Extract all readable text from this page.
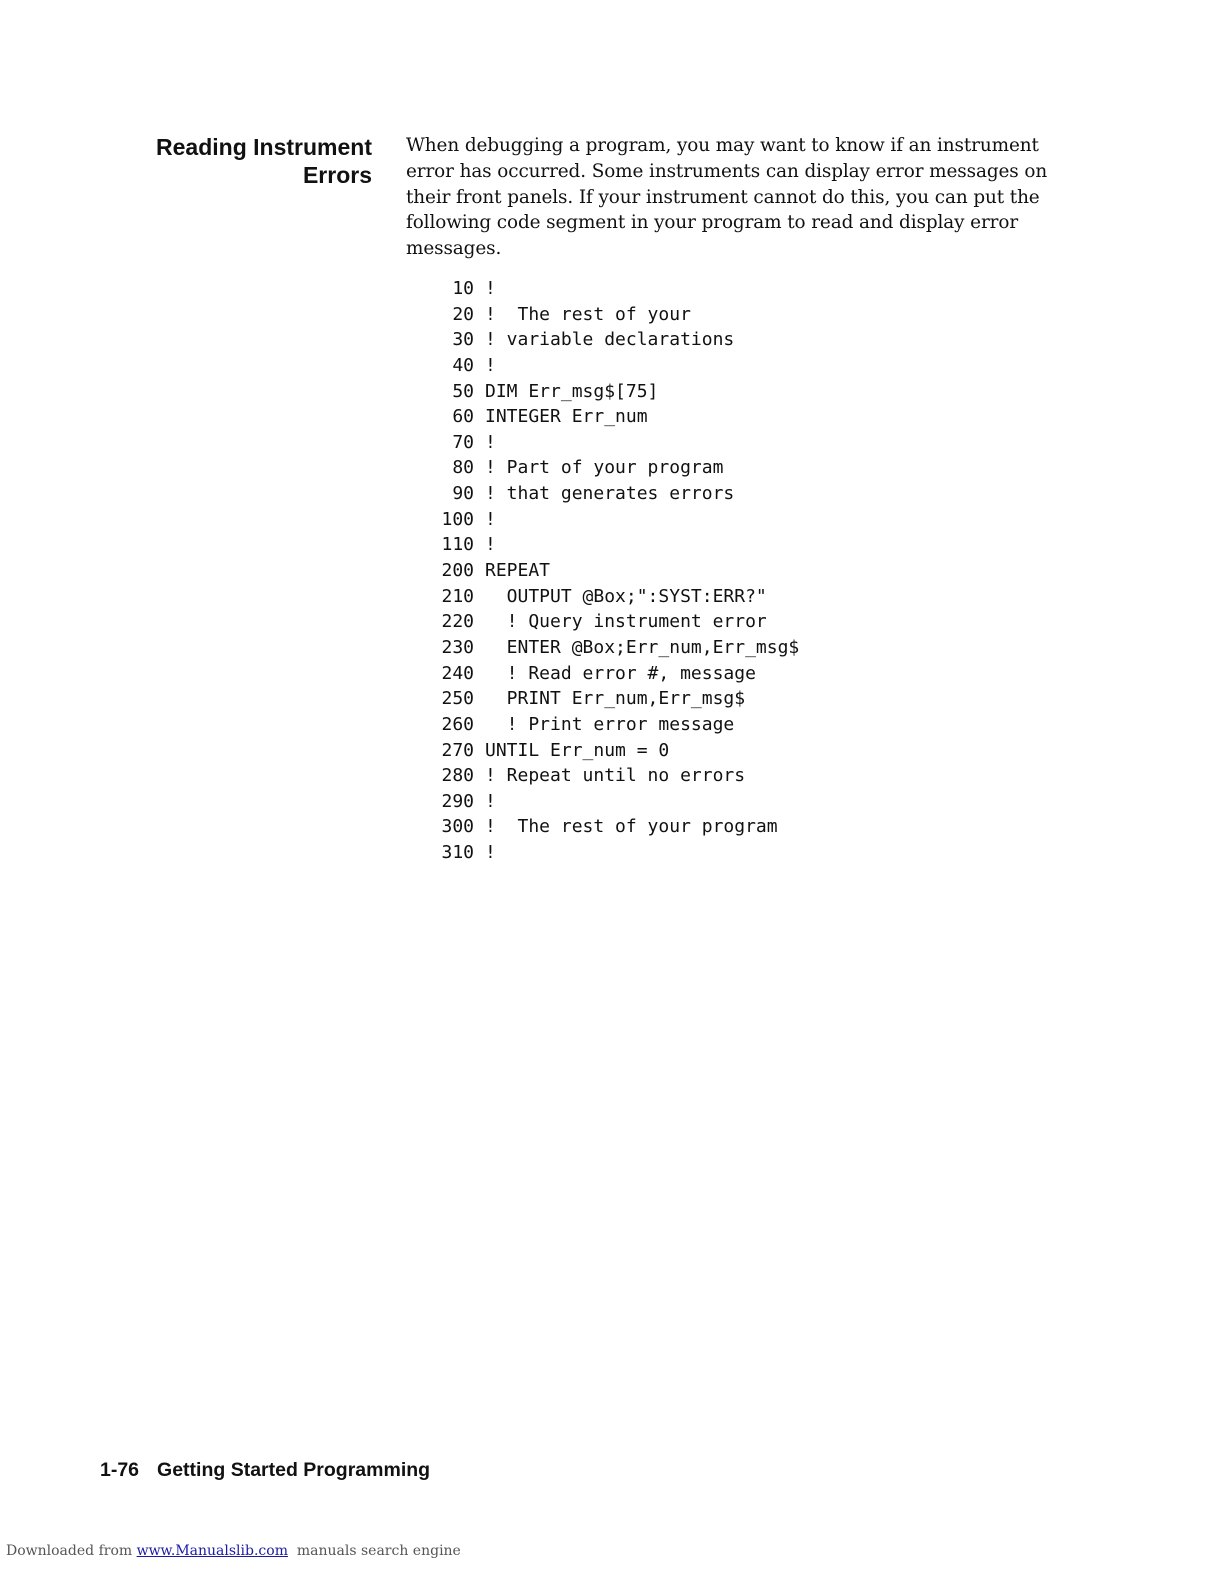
Reading Instrument
Errors
When debugging a program, you may want to know if an instrument
error has occurred. Some instruments can display error messages on
their front panels. If your instrument cannot do this, you can put the
following code segment in your program to read and display error
messages.
10 !
20 !  The rest of your
30 ! variable declarations
40 !
50 DIM Err_msg$[75]
60 INTEGER Err_num
70 !
80 ! Part of your program
90 ! that generates errors
100 !
110 !
200 REPEAT
210  OUTPUT @Box;":SYST:ERR?"
220  ! Query instrument error
230  ENTER @Box;Err_num,Err_msg$
240  ! Read error #, message
250  PRINT Err_num,Err_msg$
260  ! Print error message
270 UNTIL Err_num = 0
280 ! Repeat until no errors
290 !
300 !  The rest of your program
310 !
1-76 Getting Started Programming
Downloaded from www.Manualslib.com  manuals search engine
